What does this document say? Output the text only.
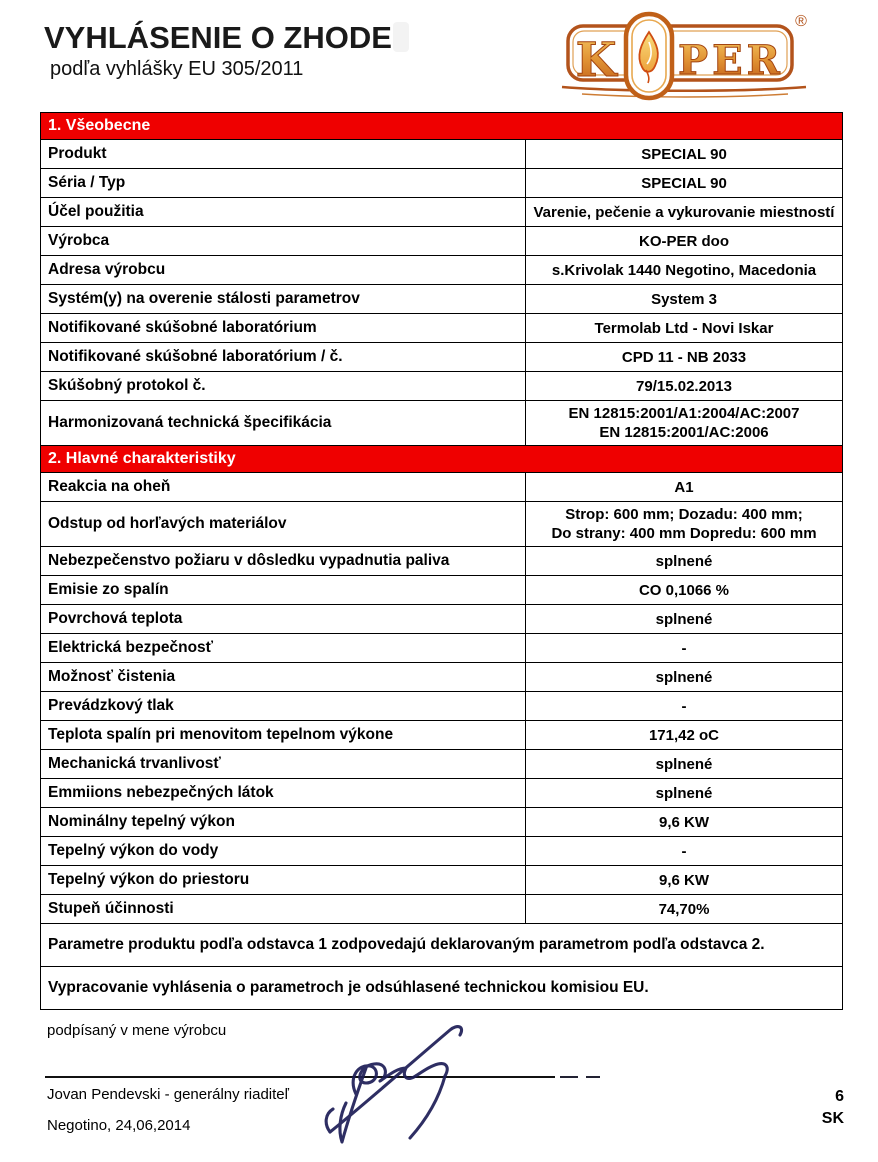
VYHLÁSENIE O ZHODE
podľa vyhlášky EU 305/2011	K PER
®
1. Všeobecne	
Produkt	SPECIAL 90
Séria / Typ	SPECIAL 90
Účel použitia	Varenie, pečenie a vykurovanie miestností
Výrobca	KO-PER doo
Adresa výrobcu	s.Krivolak 1440 Negotino, Macedonia
Systém(y) na overenie stálosti parametrov	System 3
Notifikované skúšobné laboratórium	Termolab Ltd - Novi Iskar
Notifikované skúšobné laboratórium / č.	CPD 11 - NB 2033
Skúšobný protokol č.	79/15.02.2013
Harmonizovaná technická špecifikácia	EN 12815:2001/A1:2004/AC:2007
EN 12815:2001/AC:2006

2. Hlavné charakteristiky	
Reakcia na oheň	A1
Odstup od horľavých materiálov	Strop: 600 mm; Dozadu: 400 mm;
Do strany: 400 mm Dopredu: 600 mm

Nebezpečenstvo požiaru v dôsledku vypadnutia paliva	splnené
Emisie zo spalín	CO 0,1066 %
Povrchová teplota	splnené
Elektrická bezpečnosť	-
Možnosť čistenia	splnené
Prevádzkový tlak	-
Teplota spalín pri menovitom tepelnom výkone	171,42 oC
Mechanická trvanlivosť	splnené
Emmiions nebezpečných látok	splnené
Nominálny tepelný výkon	9,6 KW
Tepelný výkon do vody	-
Tepelný výkon do priestoru	9,6 KW
Stupeň účinnosti	74,70%
Parametre produktu podľa odstavca 1 zodpovedajú deklarovaným parametrom podľa odstavca 2.	
Vypracovanie vyhlásenia o parametroch je odsúhlasené technickou komisiou EU.	
podpísaný v mene výrobcu
Jovan Pendevski - generálny riaditeľ
Negotino, 24,06,2014
6
SK
